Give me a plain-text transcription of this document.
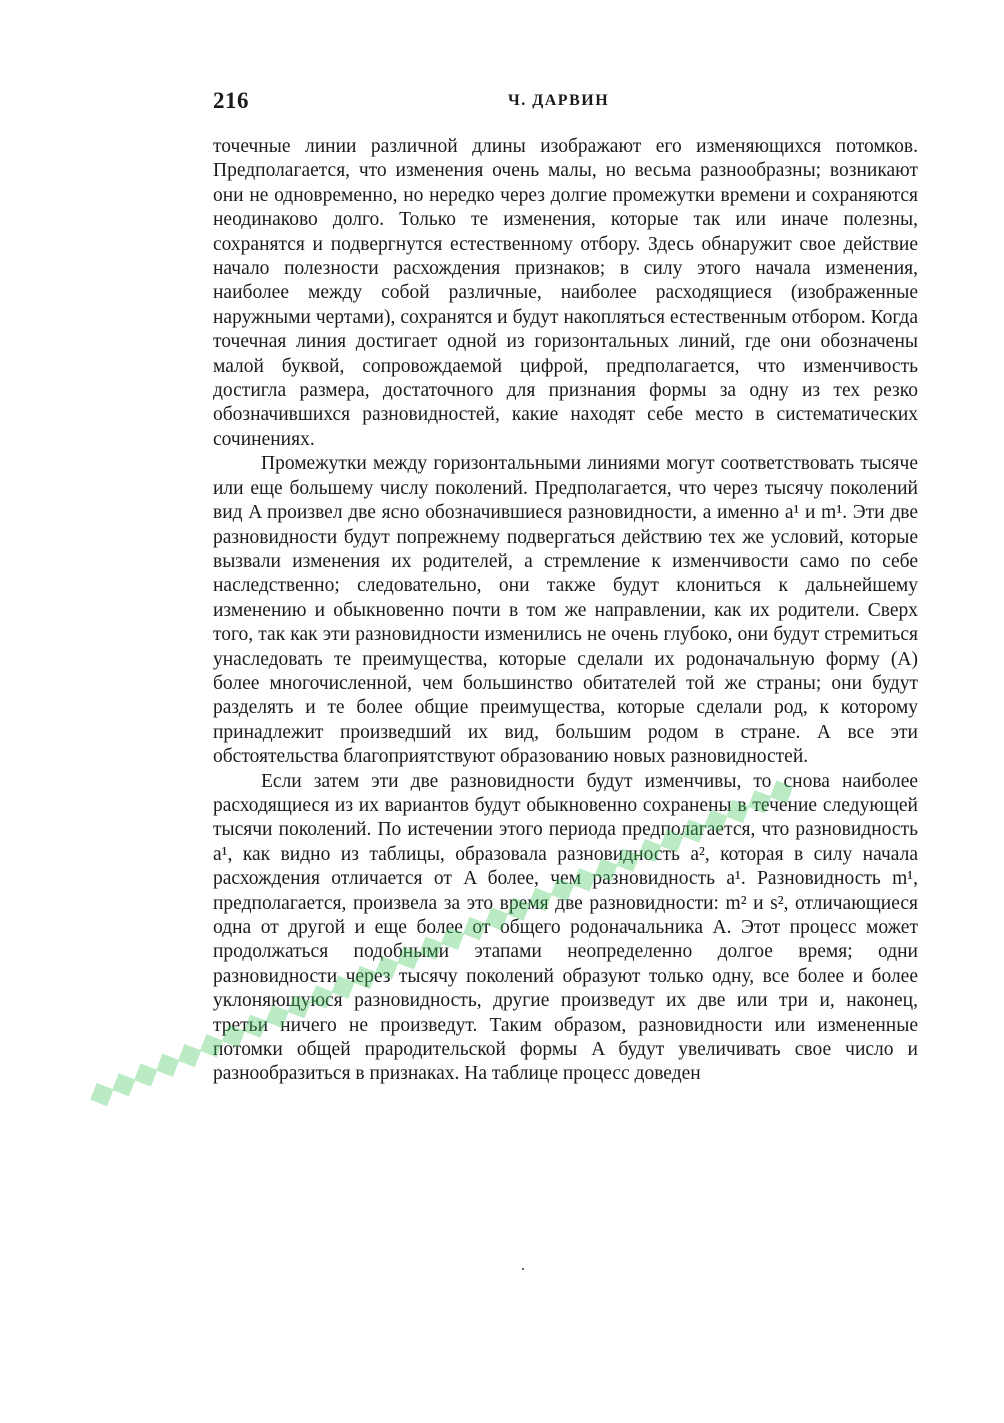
216	Ч. ДАРВИН

точечные линии различной длины изображают его изменяющихся потомков. Предполагается, что изменения очень малы, но весьма разнообразны; возникают они не одновременно, но нередко через долгие промежутки времени и сохраняются неодинаково долго. Только те изменения, которые так или иначе полезны, сохранятся и подвергнутся естественному отбору. Здесь обнаружит свое действие начало полезности расхождения признаков; в силу этого начала изменения, наиболее между собой различные, наиболее расходящиеся (изображенные наружными чертами), сохранятся и будут накопляться естественным отбором. Когда точечная линия достигает одной из горизонтальных линий, где они обозначены малой буквой, сопровождаемой цифрой, предполагается, что изменчивость достигла размера, достаточного для признания формы за одну из тех резко обозначившихся разновидностей, какие находят себе место в систематических сочинениях.

Промежутки между горизонтальными линиями могут соответствовать тысяче или еще большему числу поколений. Предполагается, что через тысячу поколений вид A произвел две ясно обозначившиеся разновидности, а именно a¹ и m¹. Эти две разновидности будут попрежнему подвергаться действию тех же условий, которые вызвали изменения их родителей, а стремление к изменчивости само по себе наследственно; следовательно, они также будут клониться к дальнейшему изменению и обыкновенно почти в том же направлении, как их родители. Сверх того, так как эти разновидности изменились не очень глубоко, они будут стремиться унаследовать те преимущества, которые сделали их родоначальную форму (A) более многочисленной, чем большинство обитателей той же страны; они будут разделять и те более общие преимущества, которые сделали род, к которому принадлежит произведший их вид, большим родом в стране. А все эти обстоятельства благоприятствуют образованию новых разновидностей.

Если затем эти две разновидности будут изменчивы, то снова наиболее расходящиеся из их вариантов будут обыкновенно сохранены в течение следующей тысячи поколений. По истечении этого периода предполагается, что разновидность a¹, как видно из таблицы, образовала разновидность a², которая в силу начала расхождения отличается от A более, чем разновидность a¹. Разновидность m¹, предполагается, произвела за это время две разновидности: m² и s², отличающиеся одна от другой и еще более от общего родоначальника A. Этот процесс может продолжаться подобными этапами неопределенно долгое время; одни разновидности через тысячу поколений образуют только одну, все более и более уклоняющуюся разновидность, другие произведут их две или три и, наконец, третьи ничего не произведут. Таким образом, разновидности или измененные потомки общей прародительской формы A будут увеличивать свое число и разнообразиться в признаках. На таблице процесс доведен
